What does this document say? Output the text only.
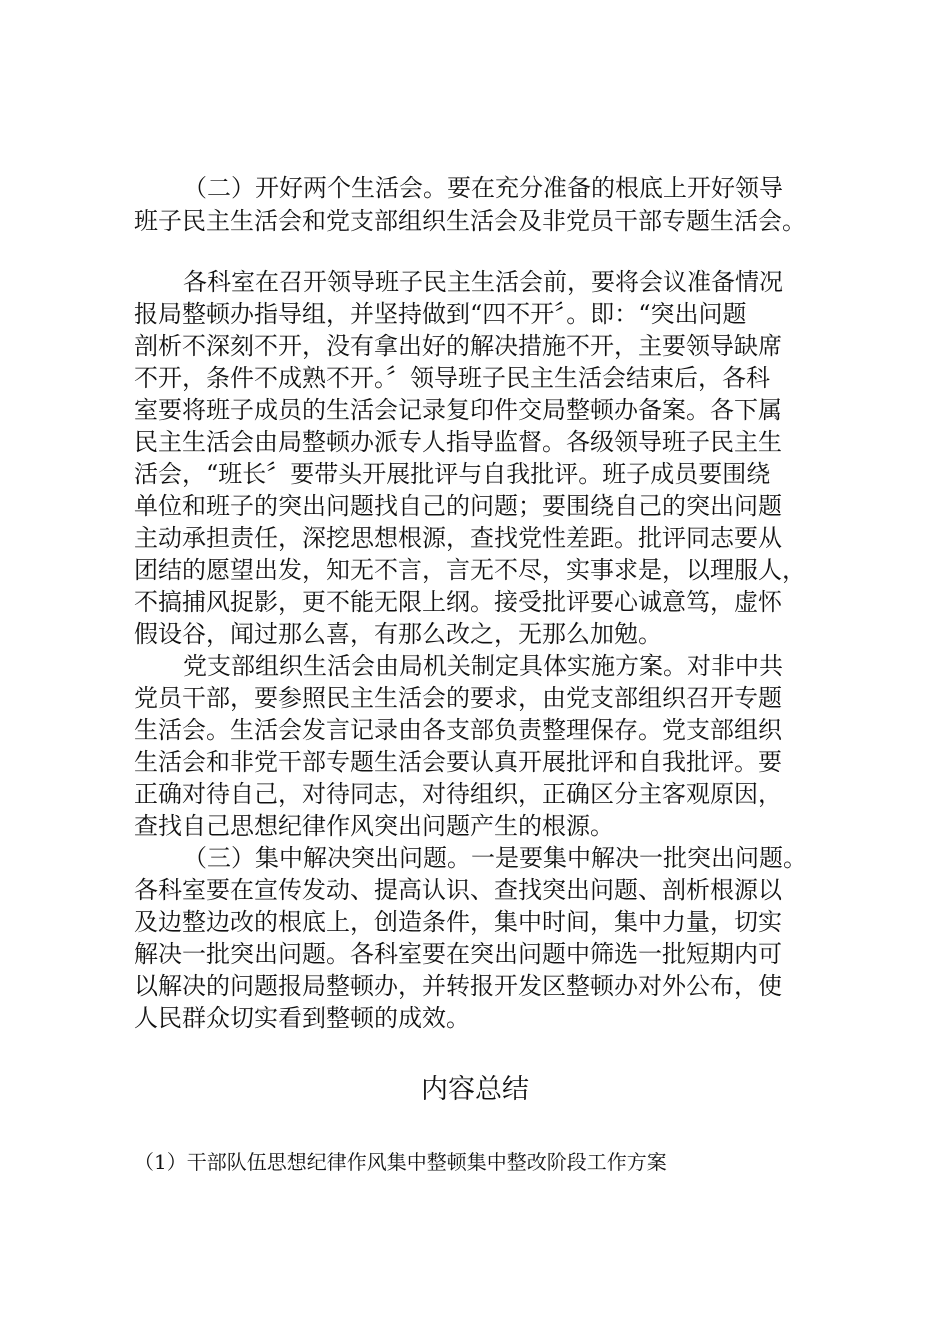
（二）开好两个生活会。要在充分准备的根底上开好领导
班子民主生活会和党支部组织生活会及非党员干部专题生活会。
各科室在召开领导班子民主生活会前，要将会议准备情况
报局整顿办指导组，并坚持做到“四不开〞。即：“突出问题
剖析不深刻不开，没有拿出好的解决措施不开，主要领导缺席
不开，条件不成熟不开。〞领导班子民主生活会结束后，各科
室要将班子成员的生活会记录复印件交局整顿办备案。各下属
民主生活会由局整顿办派专人指导监督。各级领导班子民主生
活会，“班长〞要带头开展批评与自我批评。班子成员要围绕
单位和班子的突出问题找自己的问题；要围绕自己的突出问题
主动承担责任，深挖思想根源，查找党性差距。批评同志要从
团结的愿望出发，知无不言，言无不尽，实事求是，以理服人，
不搞捕风捉影，更不能无限上纲。接受批评要心诚意笃，虚怀
假设谷，闻过那么喜，有那么改之，无那么加勉。
党支部组织生活会由局机关制定具体实施方案。对非中共
党员干部，要参照民主生活会的要求，由党支部组织召开专题
生活会。生活会发言记录由各支部负责整理保存。党支部组织
生活会和非党干部专题生活会要认真开展批评和自我批评。要
正确对待自己，对待同志，对待组织，正确区分主客观原因，
查找自己思想纪律作风突出问题产生的根源。
（三）集中解决突出问题。一是要集中解决一批突出问题。
各科室要在宣传发动、提高认识、查找突出问题、剖析根源以
及边整边改的根底上，创造条件，集中时间，集中力量，切实
解决一批突出问题。各科室要在突出问题中筛选一批短期内可
以解决的问题报局整顿办，并转报开发区整顿办对外公布，使
人民群众切实看到整顿的成效。
内容总结
（1）干部队伍思想纪律作风集中整顿集中整改阶段工作方案
